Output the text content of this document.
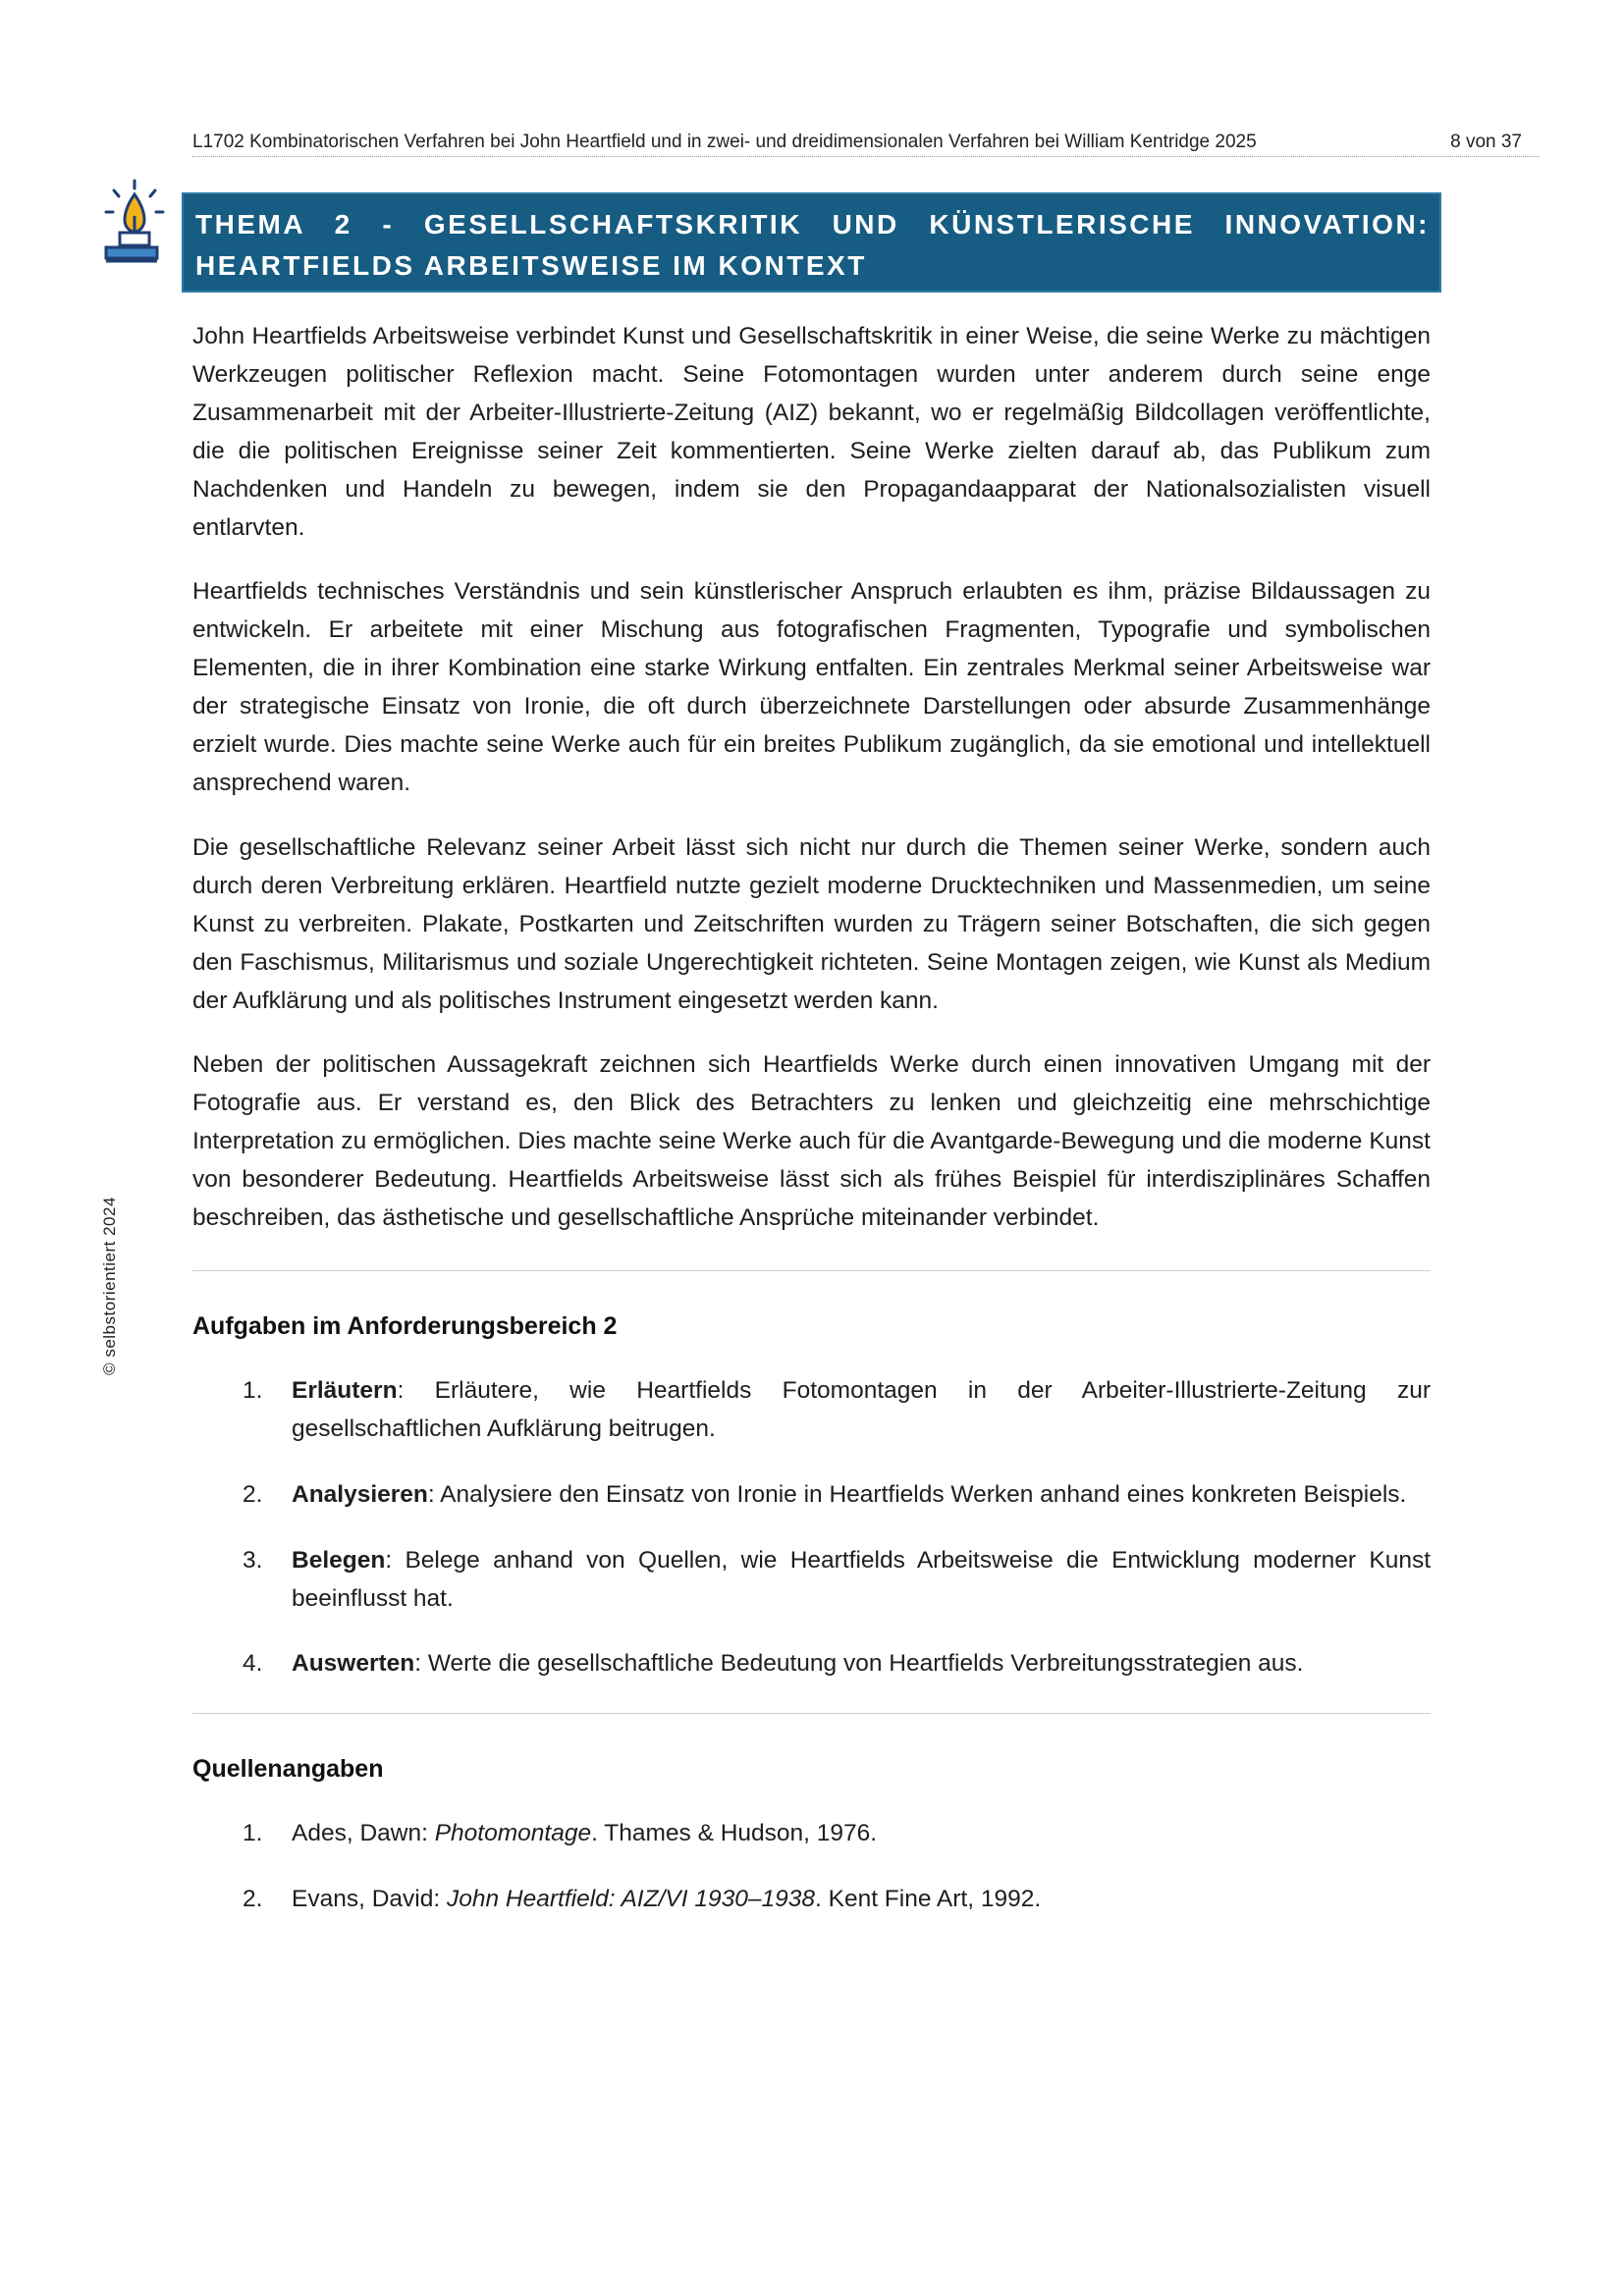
L1702 Kombinatorischen Verfahren bei John Heartfield und in zwei- und dreidimensionalen Verfahren bei William Kentridge 2025	8 von 37
© selbstorientiert 2024
THEMA 2 - GESELLSCHAFTSKRITIK UND KÜNSTLERISCHE INNOVATION: HEARTFIELDS ARBEITSWEISE IM KONTEXT

John Heartfields Arbeitsweise verbindet Kunst und Gesellschaftskritik in einer Weise, die seine Werke zu mächtigen Werkzeugen politischer Reflexion macht. Seine Fotomontagen wurden unter anderem durch seine enge Zusammenarbeit mit der Arbeiter-Illustrierte-Zeitung (AIZ) bekannt, wo er regelmäßig Bildcollagen veröffentlichte, die die politischen Ereignisse seiner Zeit kommentierten. Seine Werke zielten darauf ab, das Publikum zum Nachdenken und Handeln zu bewegen, indem sie den Propagandaapparat der Nationalsozialisten visuell entlarvten.

Heartfields technisches Verständnis und sein künstlerischer Anspruch erlaubten es ihm, präzise Bildaussagen zu entwickeln. Er arbeitete mit einer Mischung aus fotografischen Fragmenten, Typografie und symbolischen Elementen, die in ihrer Kombination eine starke Wirkung entfalten. Ein zentrales Merkmal seiner Arbeitsweise war der strategische Einsatz von Ironie, die oft durch überzeichnete Darstellungen oder absurde Zusammenhänge erzielt wurde. Dies machte seine Werke auch für ein breites Publikum zugänglich, da sie emotional und intellektuell ansprechend waren.

Die gesellschaftliche Relevanz seiner Arbeit lässt sich nicht nur durch die Themen seiner Werke, sondern auch durch deren Verbreitung erklären. Heartfield nutzte gezielt moderne Drucktechniken und Massenmedien, um seine Kunst zu verbreiten. Plakate, Postkarten und Zeitschriften wurden zu Trägern seiner Botschaften, die sich gegen den Faschismus, Militarismus und soziale Ungerechtigkeit richteten. Seine Montagen zeigen, wie Kunst als Medium der Aufklärung und als politisches Instrument eingesetzt werden kann.

Neben der politischen Aussagekraft zeichnen sich Heartfields Werke durch einen innovativen Umgang mit der Fotografie aus. Er verstand es, den Blick des Betrachters zu lenken und gleichzeitig eine mehrschichtige Interpretation zu ermöglichen. Dies machte seine Werke auch für die Avantgarde-Bewegung und die moderne Kunst von besonderer Bedeutung. Heartfields Arbeitsweise lässt sich als frühes Beispiel für interdisziplinäres Schaffen beschreiben, das ästhetische und gesellschaftliche Ansprüche miteinander verbindet.

Aufgaben im Anforderungsbereich 2
1. Erläutern: Erläutere, wie Heartfields Fotomontagen in der Arbeiter-Illustrierte-Zeitung zur gesellschaftlichen Aufklärung beitrugen.
2. Analysieren: Analysiere den Einsatz von Ironie in Heartfields Werken anhand eines konkreten Beispiels.
3. Belegen: Belege anhand von Quellen, wie Heartfields Arbeitsweise die Entwicklung moderner Kunst beeinflusst hat.
4. Auswerten: Werte die gesellschaftliche Bedeutung von Heartfields Verbreitungsstrategien aus.
Quellenangaben
1. Ades, Dawn: Photomontage. Thames & Hudson, 1976.
2. Evans, David: John Heartfield: AIZ/VI 1930–1938. Kent Fine Art, 1992.
